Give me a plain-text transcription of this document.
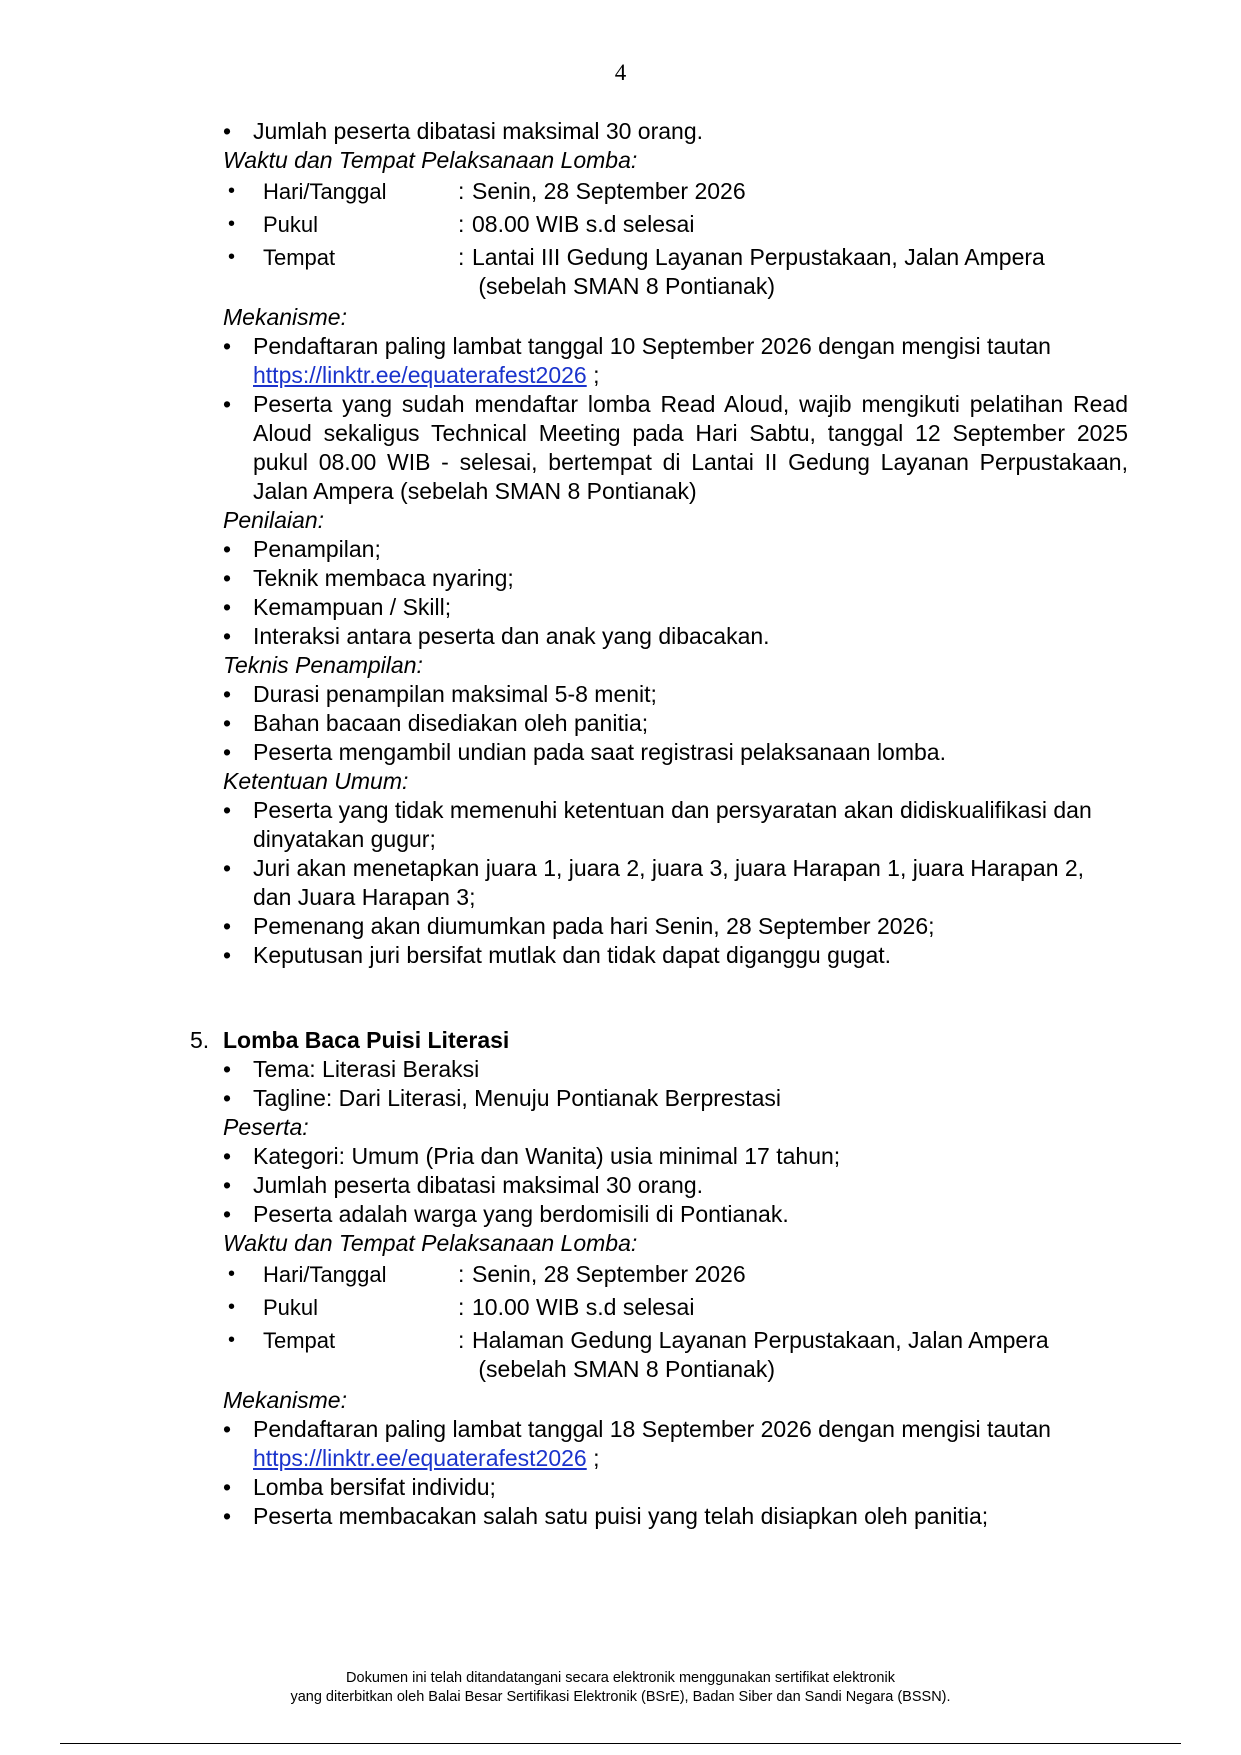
4
• Jumlah peserta dibatasi maksimal 30 orang.
Waktu dan Tempat Pelaksanaan Lomba:
• Hari/Tanggal	: Senin, 28 September 2026
• Pukul	: 08.00 WIB s.d selesai
• Tempat	: Lantai III Gedung Layanan Perpustakaan, Jalan Ampera
(sebelah SMAN 8 Pontianak)
Mekanisme:
• Pendaftaran paling lambat tanggal 10 September 2026 dengan mengisi tautan
https://linktr.ee/equaterafest2026 ;
• Peserta yang sudah mendaftar lomba Read Aloud, wajib mengikuti pelatihan Read Aloud sekaligus Technical Meeting pada Hari Sabtu, tanggal 12 September 2025 pukul 08.00 WIB - selesai, bertempat di Lantai II Gedung Layanan Perpustakaan, Jalan Ampera (sebelah SMAN 8 Pontianak)
Penilaian:
• Penampilan;
• Teknik membaca nyaring;
• Kemampuan / Skill;
• Interaksi antara peserta dan anak yang dibacakan.
Teknis Penampilan:
• Durasi penampilan maksimal 5-8 menit;
• Bahan bacaan disediakan oleh panitia;
• Peserta mengambil undian pada saat registrasi pelaksanaan lomba.
Ketentuan Umum:
• Peserta yang tidak memenuhi ketentuan dan persyaratan akan didiskualifikasi dan dinyatakan gugur;
• Juri akan menetapkan juara 1, juara 2, juara 3, juara Harapan 1, juara Harapan 2, dan Juara Harapan 3;
• Pemenang akan diumumkan pada hari Senin, 28 September 2026;
• Keputusan juri bersifat mutlak dan tidak dapat diganggu gugat.
5. Lomba Baca Puisi Literasi
• Tema: Literasi Beraksi
• Tagline: Dari Literasi, Menuju Pontianak Berprestasi
Peserta:
• Kategori: Umum (Pria dan Wanita) usia minimal 17 tahun;
• Jumlah peserta dibatasi maksimal 30 orang.
• Peserta adalah warga yang berdomisili di Pontianak.
Waktu dan Tempat Pelaksanaan Lomba:
• Hari/Tanggal	: Senin, 28 September 2026
• Pukul	: 10.00 WIB s.d selesai
• Tempat	: Halaman Gedung Layanan Perpustakaan, Jalan Ampera
(sebelah SMAN 8 Pontianak)
Mekanisme:
• Pendaftaran paling lambat tanggal 18 September 2026 dengan mengisi tautan
https://linktr.ee/equaterafest2026 ;
• Lomba bersifat individu;
• Peserta membacakan salah satu puisi yang telah disiapkan oleh panitia;
Dokumen ini telah ditandatangani secara elektronik menggunakan sertifikat elektronik
yang diterbitkan oleh Balai Besar Sertifikasi Elektronik (BSrE), Badan Siber dan Sandi Negara (BSSN).
